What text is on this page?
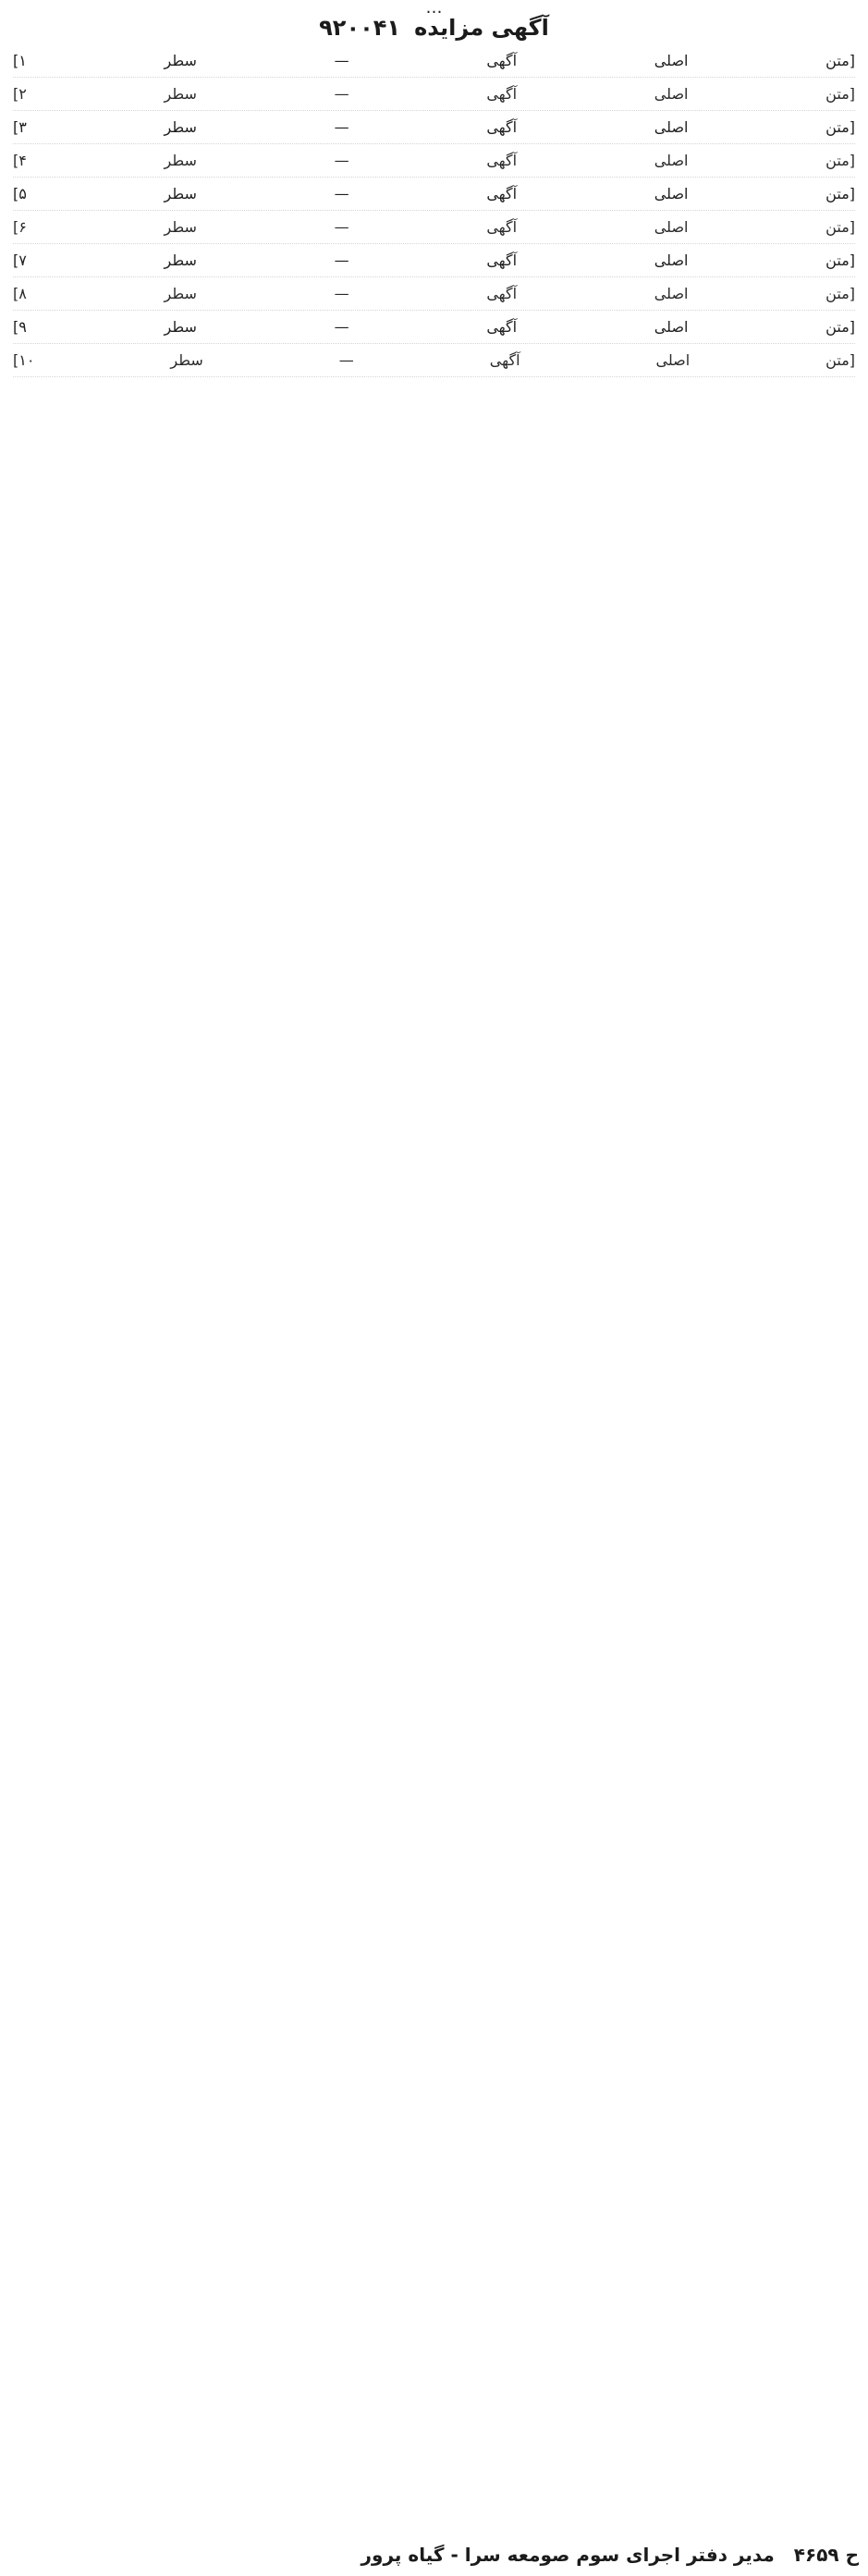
…
آگهی مزایده ۹۲۰۰۴۱
[متن اصلی آگهی — سطر ۱]
[متن اصلی آگهی — سطر ۲]
[متن اصلی آگهی — سطر ۳]
[متن اصلی آگهی — سطر ۴]
[متن اصلی آگهی — سطر ۵]
[متن اصلی آگهی — سطر ۶]
[متن اصلی آگهی — سطر ۷]
[متن اصلی آگهی — سطر ۸]
[متن اصلی آگهی — سطر ۹]
[متن اصلی آگهی — سطر ۱۰]
ح ۴۶۵۹ مدیر دفتر اجرای سوم صومعه سرا - گیاه پرور
